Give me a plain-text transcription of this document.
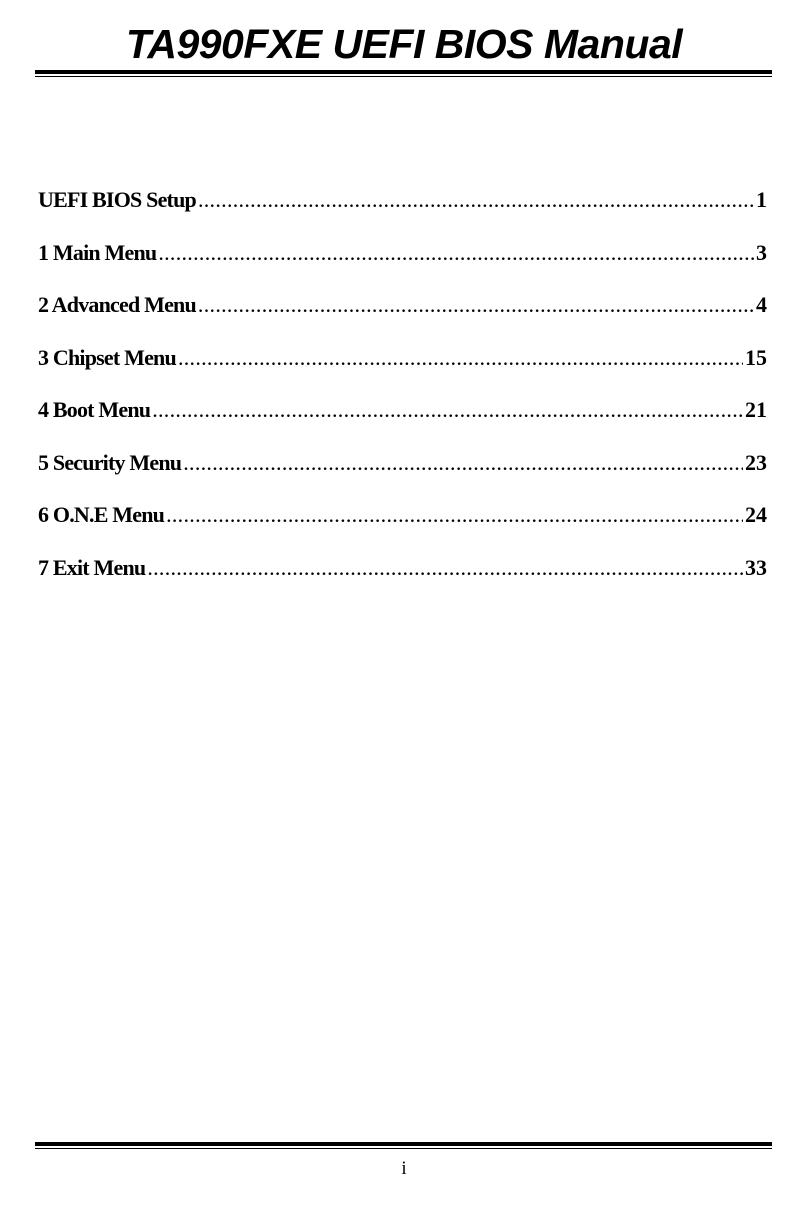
TA990FXE UEFI BIOS Manual
UEFI BIOS Setup .....	1
1 Main Menu .....	3
2 Advanced Menu .....	4
3 Chipset Menu .....	15
4 Boot Menu .....	21
5 Security Menu .....	23
6 O.N.E Menu .....	24
7 Exit Menu .....	33
i
